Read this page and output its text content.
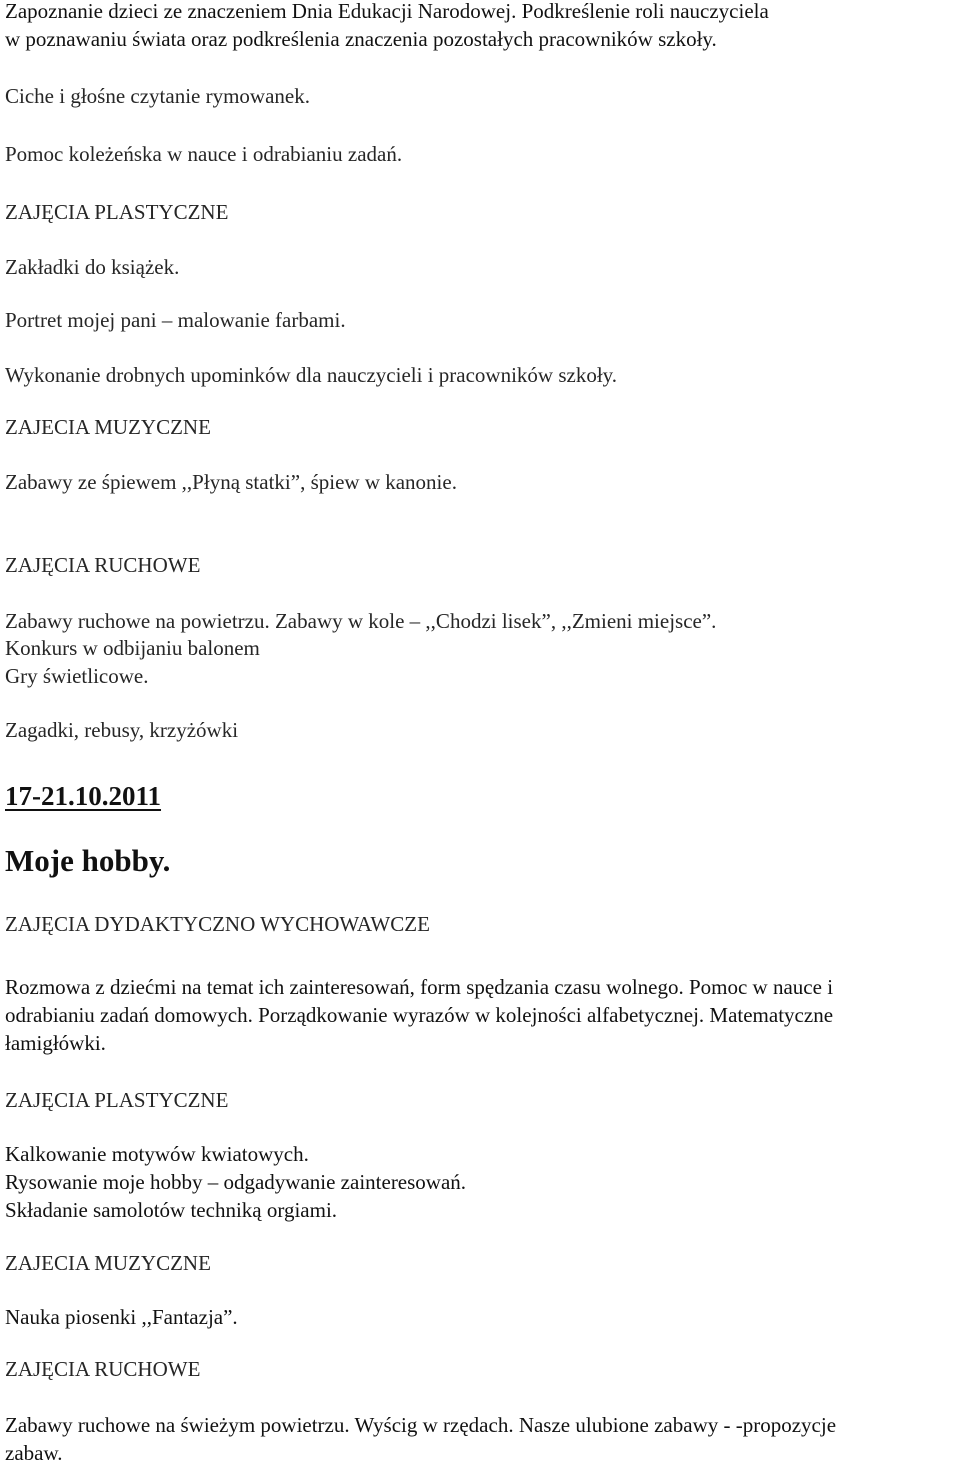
Zapoznanie dzieci ze znaczeniem Dnia Edukacji Narodowej. Podkreślenie roli nauczyciela
w poznawaniu świata oraz podkreślenia znaczenia pozostałych pracowników szkoły.
Ciche i głośne czytanie rymowanek.
Pomoc koleżeńska w nauce i odrabianiu zadań.
ZAJĘCIA PLASTYCZNE
Zakładki do książek.
Portret mojej pani – malowanie farbami.
Wykonanie drobnych upominków dla nauczycieli i pracowników szkoły.
ZAJECIA MUZYCZNE
Zabawy ze śpiewem ,,Płyną statki”, śpiew w kanonie.
ZAJĘCIA RUCHOWE
Zabawy ruchowe na powietrzu. Zabawy w kole – ,,Chodzi lisek”, ,,Zmieni miejsce”.
Konkurs w odbijaniu balonem
Gry świetlicowe.
Zagadki, rebusy, krzyżówki
17-21.10.2011
Moje hobby.
ZAJĘCIA DYDAKTYCZNO WYCHOWAWCZE
Rozmowa z dziećmi na temat ich zainteresowań, form spędzania czasu wolnego. Pomoc w nauce i
odrabianiu zadań domowych. Porządkowanie wyrazów w kolejności alfabetycznej. Matematyczne
łamigłówki.
ZAJĘCIA PLASTYCZNE
Kalkowanie motywów kwiatowych.
Rysowanie moje hobby – odgadywanie zainteresowań.
Składanie samolotów techniką orgiami.
ZAJECIA MUZYCZNE
Nauka piosenki ,,Fantazja”.
ZAJĘCIA RUCHOWE
Zabawy ruchowe na świeżym powietrzu. Wyścig w rzędach. Nasze ulubione zabawy - -propozycje
zabaw.
